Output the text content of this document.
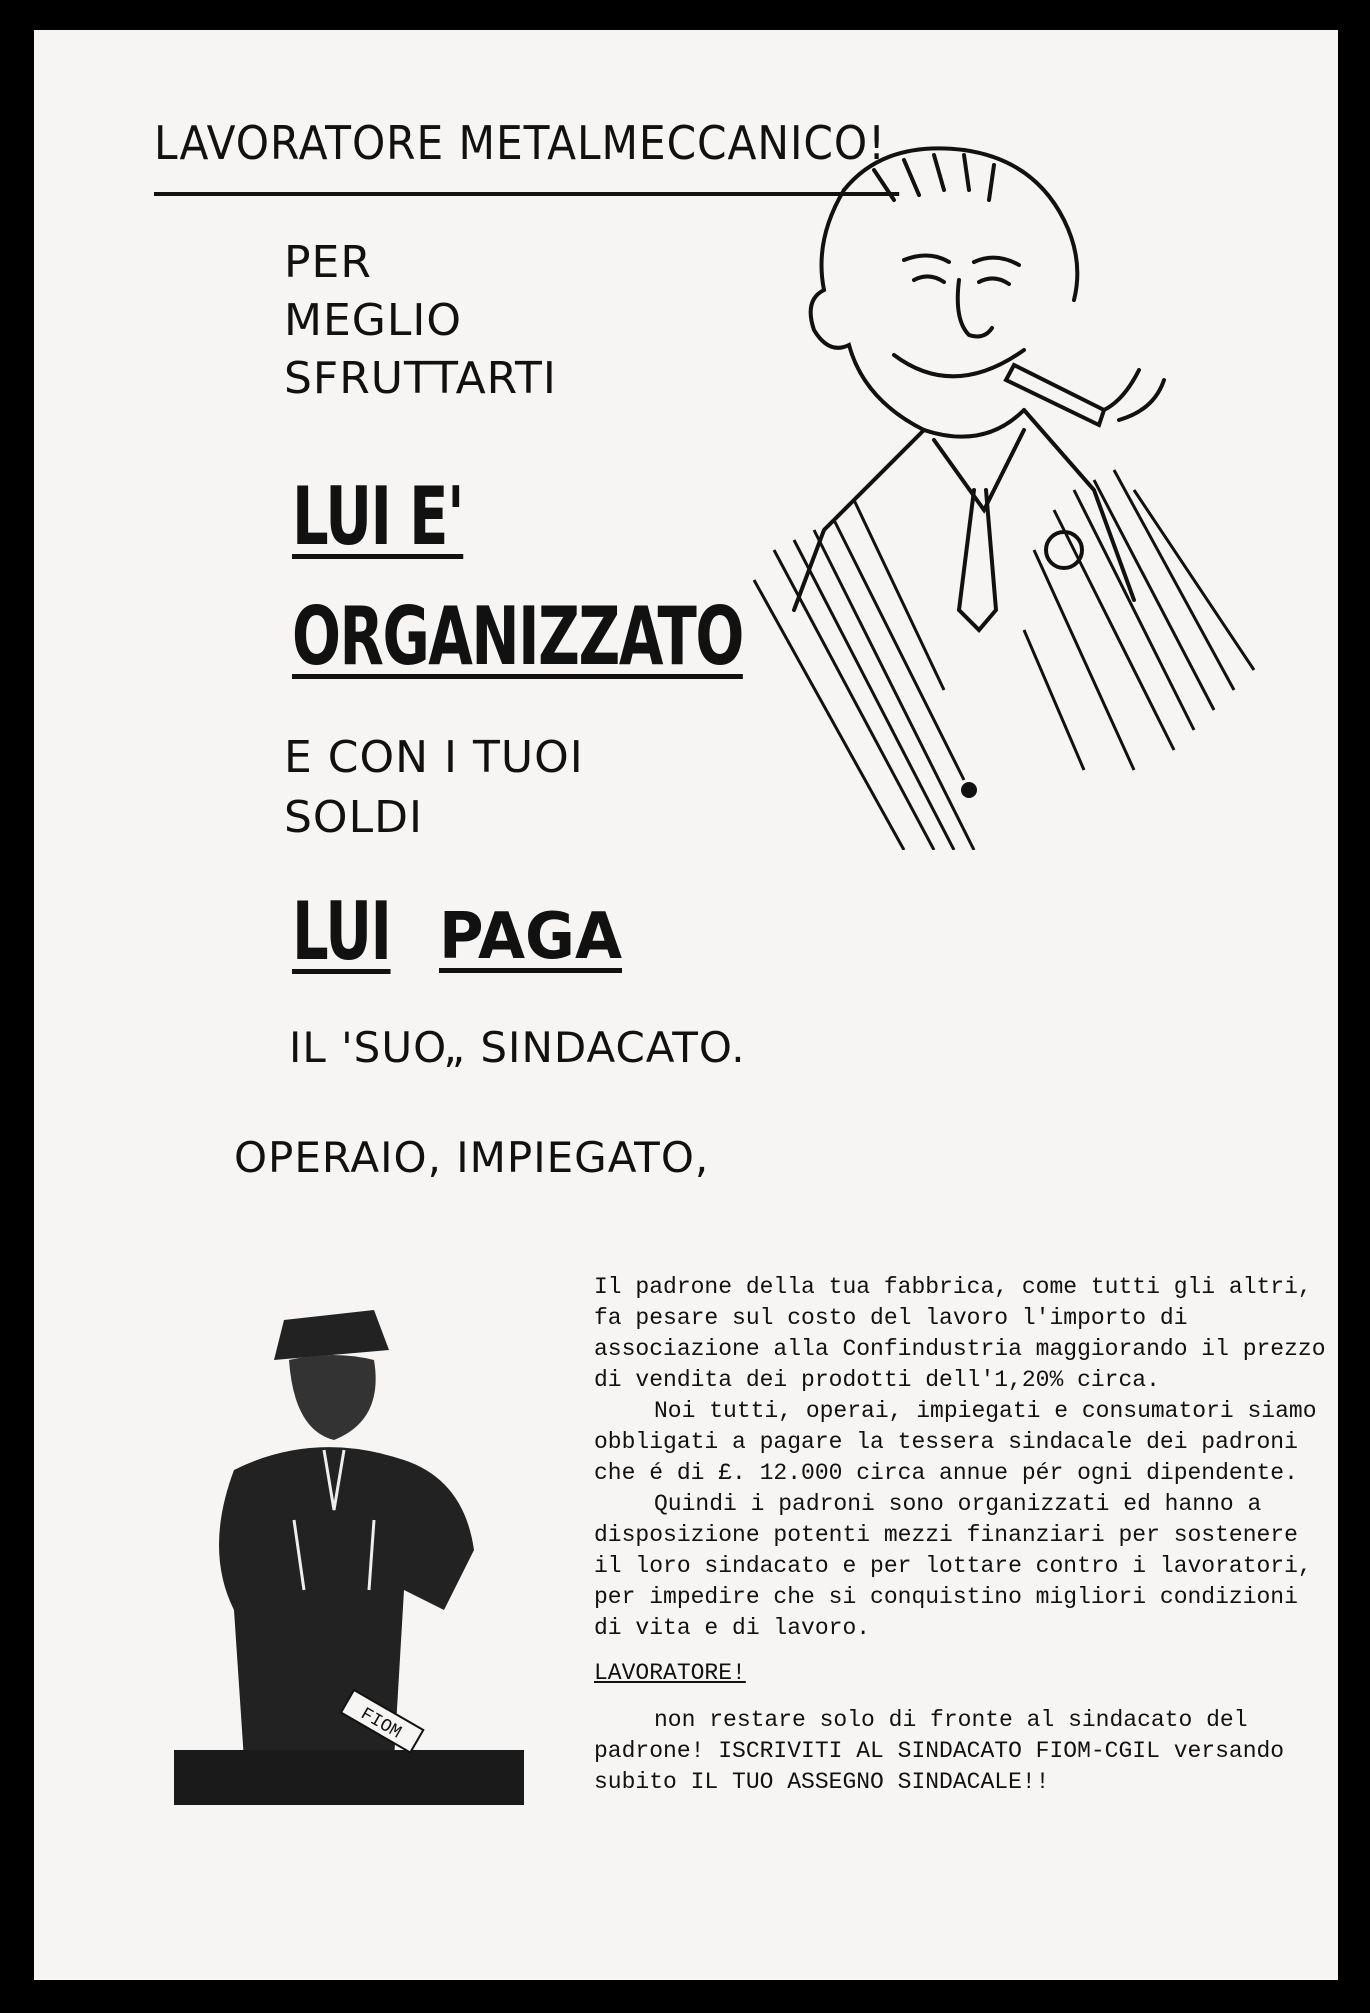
LAVORATORE METALMECCANICO!
PER
MEGLIO
SFRUTTARTI
LUI E'
ORGANIZZATO
E CON I TUOI
SOLDI
LUI PAGA
IL 'SUO„ SINDACATO.
OPERAIO, IMPIEGATO,
FIOM

Il padrone della tua fabbrica, come tutti gli altri, fa pesare sul costo del lavoro l'importo di associazione alla Confindustria maggiorando il prezzo di vendita dei prodotti dell'1,20% circa.

Noi tutti, operai, impiegati e consumatori siamo obbligati a pagare la tessera sindacale dei padroni che é di £. 12.000 circa annue pér ogni dipendente.

Quindi i padroni sono organizzati ed hanno a disposizione potenti mezzi finanziari per sostenere il loro sindacato e per lottare contro i lavoratori, per impedire che si conquistino migliori condizioni di vita e di lavoro.

LAVORATORE!

non restare solo di fronte al sindacato del padrone! ISCRIVITI AL SINDACATO FIOM-CGIL versando subito IL TUO ASSEGNO SINDACALE!!
